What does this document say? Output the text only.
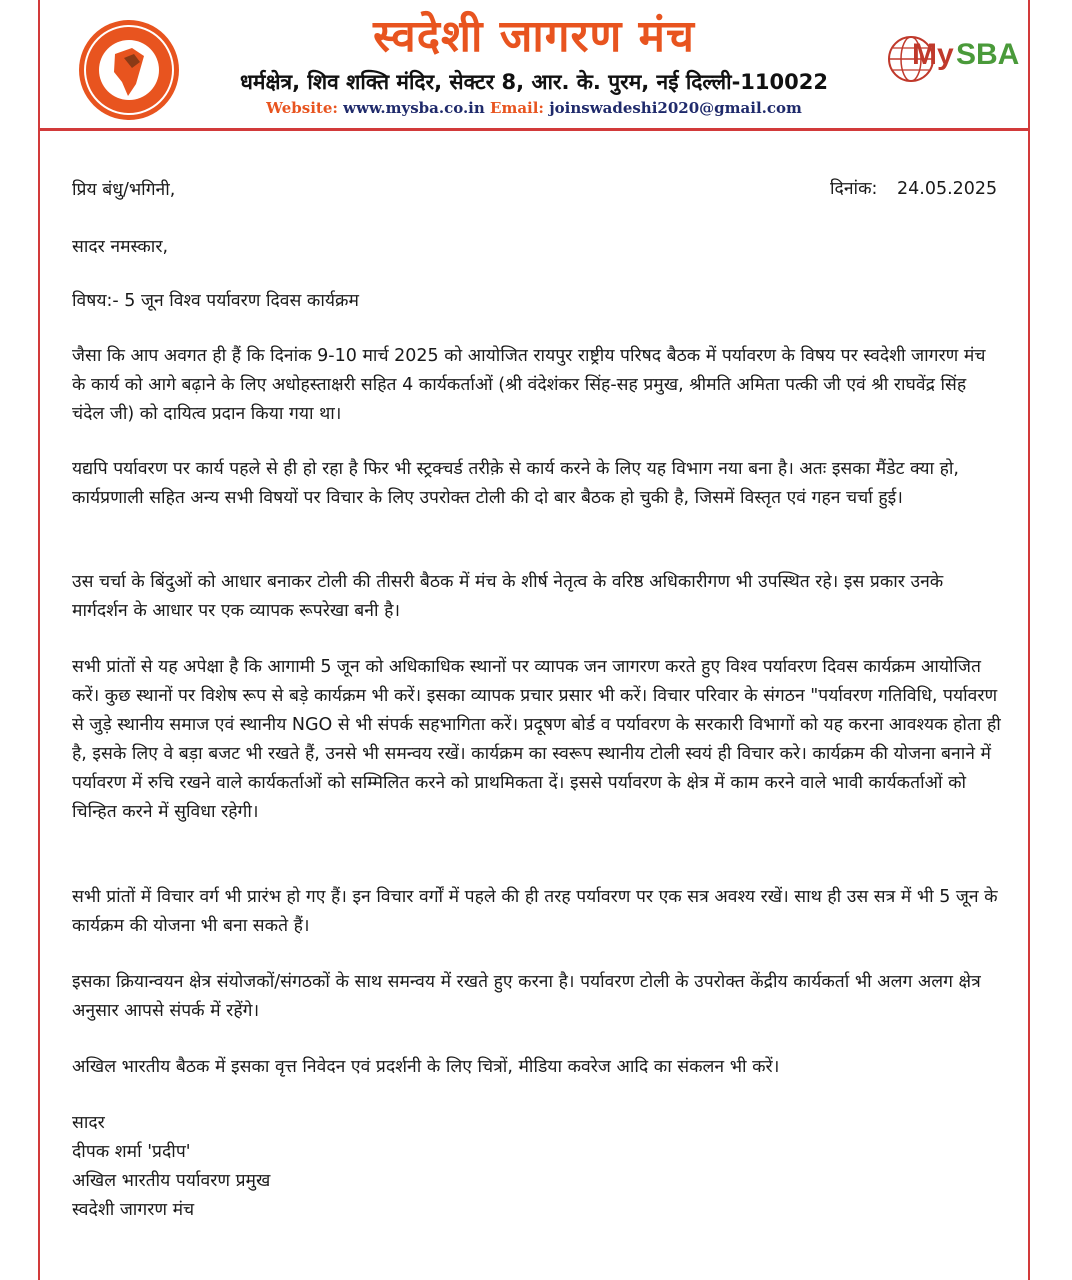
स्वदेशी जागरण मंच
धर्मक्षेत्र, शिव शक्ति मंदिर, सेक्टर 8, आर. के. पुरम, नई दिल्ली-110022
Website: www.mysba.co.in Email: joinswadeshi2020@gmail.com
My SBA
प्रिय बंधु/भगिनी,	दिनांक: 24.05.2025
सादर नमस्कार,
विषय:- 5 जून विश्व पर्यावरण दिवस कार्यक्रम

जैसा कि आप अवगत ही हैं कि दिनांक 9-10 मार्च 2025 को आयोजित रायपुर राष्ट्रीय परिषद बैठक में पर्यावरण के विषय पर स्वदेशी जागरण मंच के कार्य को आगे बढ़ाने के लिए अधोहस्ताक्षरी सहित 4 कार्यकर्ताओं (श्री वंदेशंकर सिंह-सह प्रमुख, श्रीमति अमिता पत्की जी एवं श्री राघवेंद्र सिंह चंदेल जी) को दायित्व प्रदान किया गया था।

यद्यपि पर्यावरण पर कार्य पहले से ही हो रहा है फिर भी स्ट्रक्चर्ड तरीक़े से कार्य करने के लिए यह विभाग नया बना है। अतः इसका मैंडेट क्या हो, कार्यप्रणाली सहित अन्य सभी विषयों पर विचार के लिए उपरोक्त टोली की दो बार बैठक हो चुकी है, जिसमें विस्तृत एवं गहन चर्चा हुई।

उस चर्चा के बिंदुओं को आधार बनाकर टोली की तीसरी बैठक में मंच के शीर्ष नेतृत्व के वरिष्ठ अधिकारीगण भी उपस्थित रहे। इस प्रकार उनके मार्गदर्शन के आधार पर एक व्यापक रूपरेखा बनी है।

सभी प्रांतों से यह अपेक्षा है कि आगामी 5 जून को अधिकाधिक स्थानों पर व्यापक जन जागरण करते हुए विश्व पर्यावरण दिवस कार्यक्रम आयोजित करें। कुछ स्थानों पर विशेष रूप से बड़े कार्यक्रम भी करें। इसका व्यापक प्रचार प्रसार भी करें। विचार परिवार के संगठन "पर्यावरण गतिविधि, पर्यावरण से जुड़े स्थानीय समाज एवं स्थानीय NGO से भी संपर्क सहभागिता करें। प्रदूषण बोर्ड व पर्यावरण के सरकारी विभागों को यह करना आवश्यक होता ही है, इसके लिए वे बड़ा बजट भी रखते हैं, उनसे भी समन्वय रखें। कार्यक्रम का स्वरूप स्थानीय टोली स्वयं ही विचार करे। कार्यक्रम की योजना बनाने में पर्यावरण में रुचि रखने वाले कार्यकर्ताओं को सम्मिलित करने को प्राथमिकता दें। इससे पर्यावरण के क्षेत्र में काम करने वाले भावी कार्यकर्ताओं को चिन्हित करने में सुविधा रहेगी।

सभी प्रांतों में विचार वर्ग भी प्रारंभ हो गए हैं। इन विचार वर्गों में पहले की ही तरह पर्यावरण पर एक सत्र अवश्य रखें। साथ ही उस सत्र में भी 5 जून के कार्यक्रम की योजना भी बना सकते हैं।

इसका क्रियान्वयन क्षेत्र संयोजकों/संगठकों के साथ समन्वय में रखते हुए करना है। पर्यावरण टोली के उपरोक्त केंद्रीय कार्यकर्ता भी अलग अलग क्षेत्र अनुसार आपसे संपर्क में रहेंगे।

अखिल भारतीय बैठक में इसका वृत्त निवेदन एवं प्रदर्शनी के लिए चित्रों, मीडिया कवरेज आदि का संकलन भी करें।

सादर
दीपक शर्मा 'प्रदीप'
अखिल भारतीय पर्यावरण प्रमुख
स्वदेशी जागरण मंच
